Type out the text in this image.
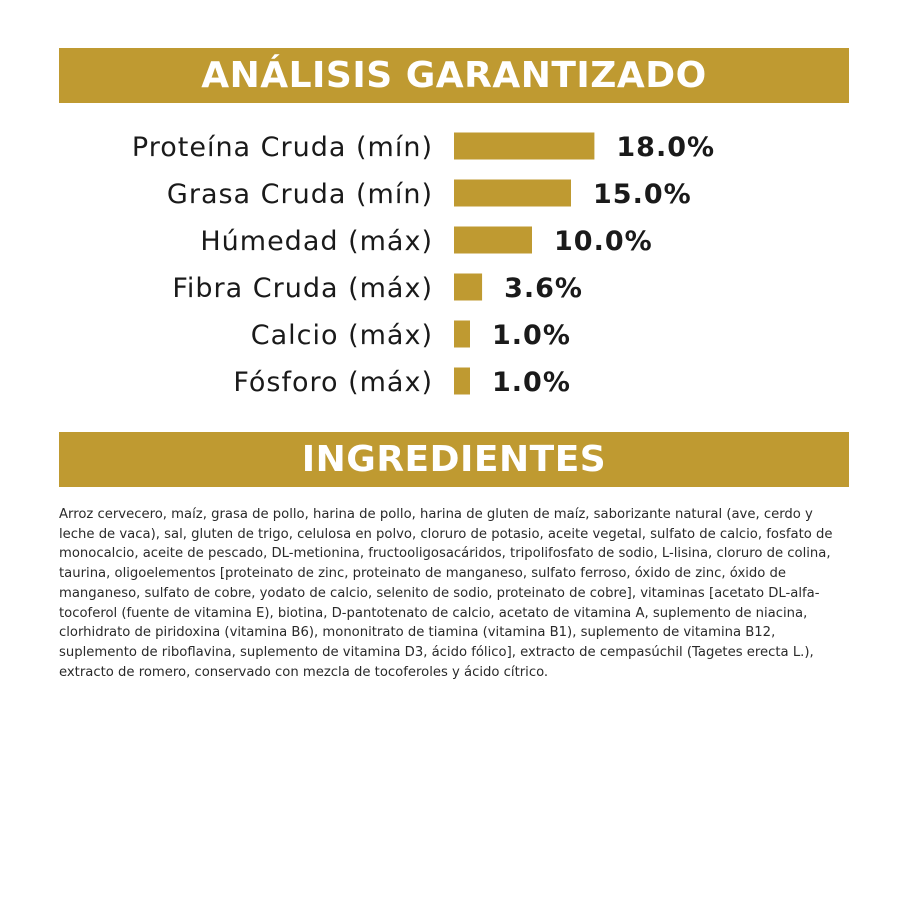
ANÁLISIS GARANTIZADO
Proteína Cruda (mín)	18.0%
Grasa Cruda (mín)	15.0%
Húmedad (máx)	10.0%
Fibra Cruda (máx)	3.6%
Calcio (máx) 1.0%
Fósforo (máx) 1.0%
INGREDIENTES

Arroz cervecero, maíz, grasa de pollo, harina de pollo, harina de gluten de maíz, saborizante natural (ave, cerdo y leche de vaca), sal, gluten de trigo, celulosa en polvo, cloruro de potasio, aceite vegetal, sulfato de calcio, fosfato de monocalcio, aceite de pescado, DL-metionina, fructooligosacáridos, tripolifosfato de sodio, L-lisina, cloruro de colina, taurina, oligoelementos [proteinato de zinc, proteinato de manganeso, sulfato ferroso, óxido de zinc, óxido de manganeso, sulfato de cobre, yodato de calcio, selenito de sodio, proteinato de cobre], vitaminas [acetato DL-alfa-tocoferol (fuente de vitamina E), biotina, D-pantotenato de calcio, acetato de vitamina A, suplemento de niacina, clorhidrato de piridoxina (vitamina B6), mononitrato de tiamina (vitamina B1), suplemento de vitamina B12, suplemento de riboflavina, suplemento de vitamina D3, ácido fólico], extracto de cempasúchil (Tagetes erecta L.), extracto de romero, conservado con mezcla de tocoferoles y ácido cítrico.
